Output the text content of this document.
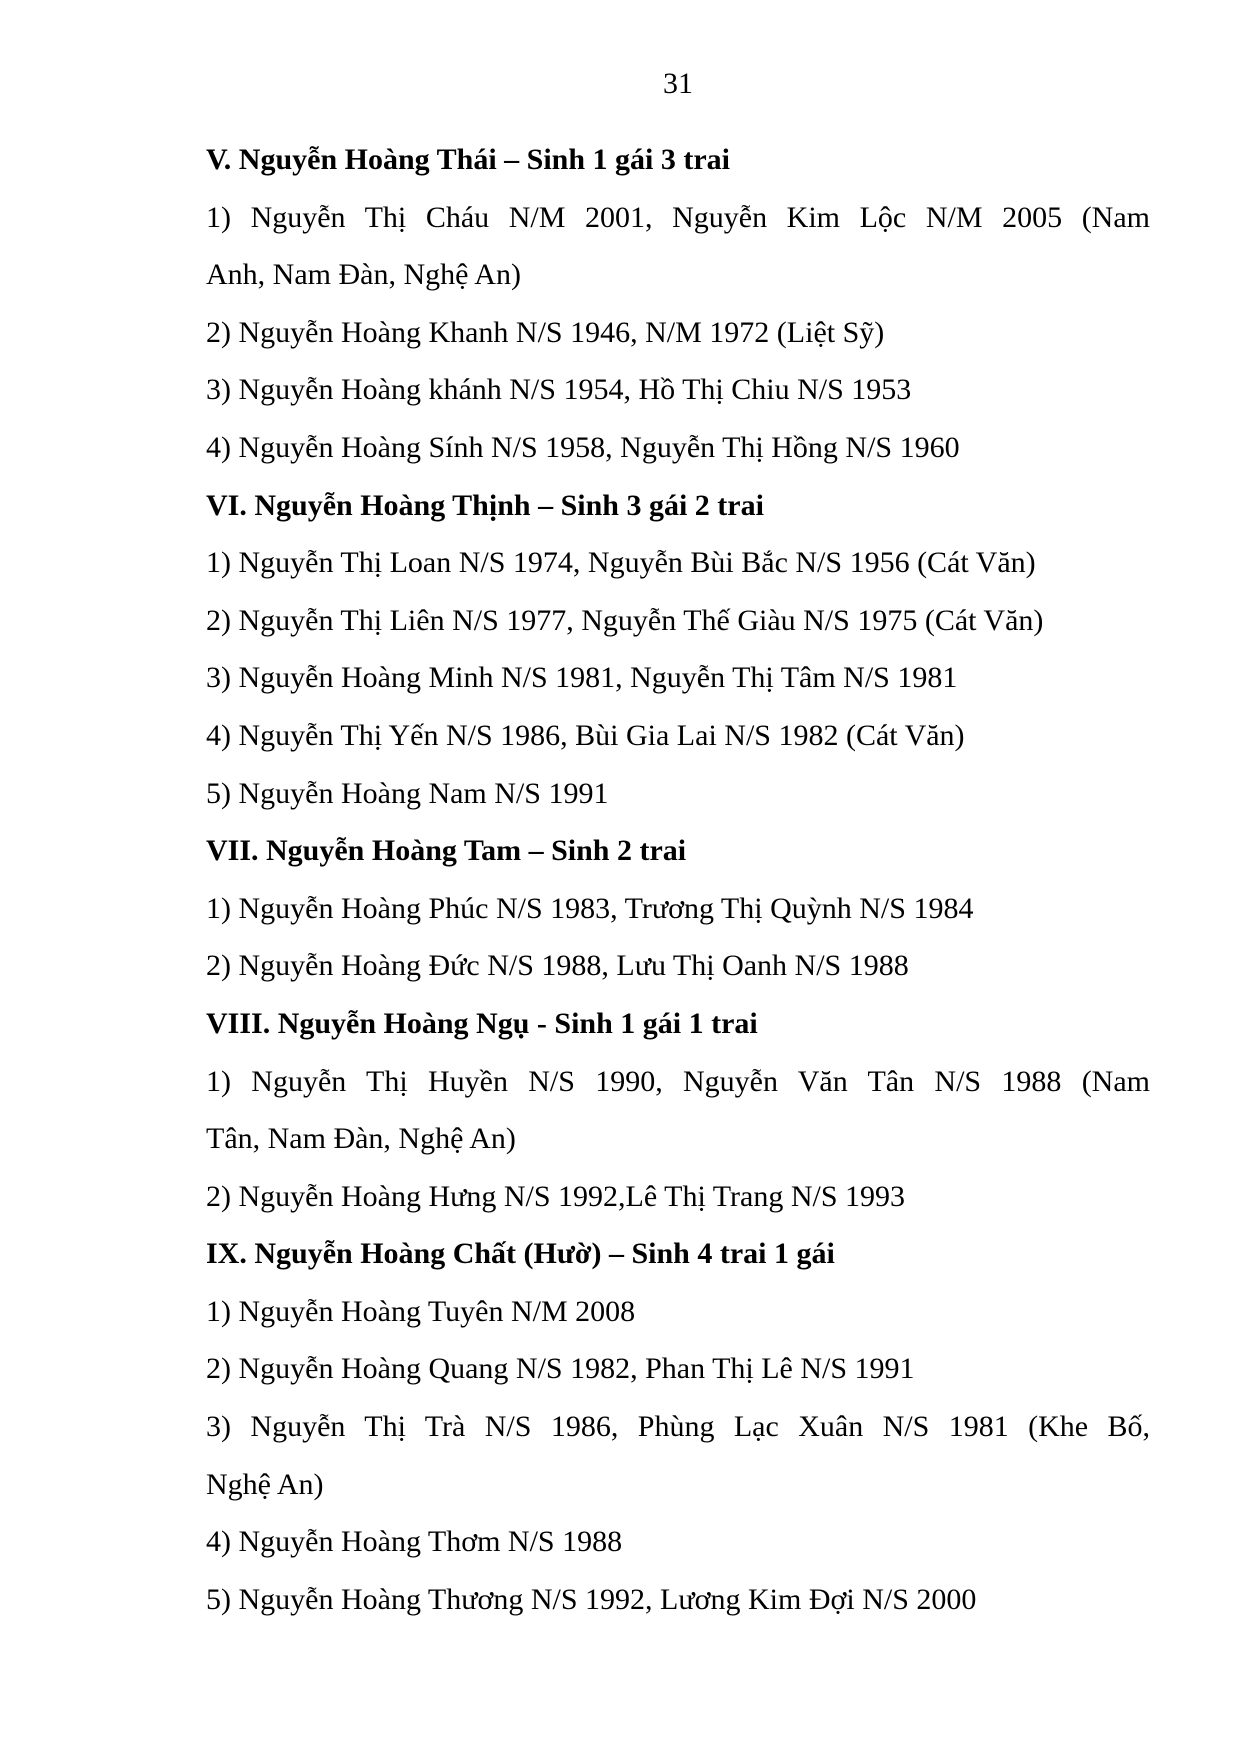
31
V. Nguyễn Hoàng Thái – Sinh 1 gái 3 trai
1) Nguyễn Thị Cháu N/M 2001, Nguyễn Kim Lộc N/M 2005 (Nam
Anh, Nam Đàn, Nghệ An)
2) Nguyễn Hoàng Khanh N/S 1946, N/M 1972 (Liệt Sỹ)
3) Nguyễn Hoàng khánh N/S 1954, Hồ Thị Chiu N/S 1953
4) Nguyễn Hoàng Sính N/S 1958, Nguyễn Thị Hồng N/S 1960
VI. Nguyễn Hoàng Thịnh – Sinh 3 gái 2 trai
1) Nguyễn Thị Loan N/S 1974, Nguyễn Bùi Bắc N/S 1956 (Cát Văn)
2) Nguyễn Thị Liên N/S 1977, Nguyễn Thế Giàu N/S 1975 (Cát Văn)
3) Nguyễn Hoàng Minh N/S 1981, Nguyễn Thị Tâm N/S 1981
4) Nguyễn Thị Yến N/S 1986, Bùi Gia Lai N/S 1982 (Cát Văn)
5) Nguyễn Hoàng Nam N/S 1991
VII. Nguyễn Hoàng Tam – Sinh 2 trai
1) Nguyễn Hoàng Phúc N/S 1983, Trương Thị Quỳnh N/S 1984
2) Nguyễn Hoàng Đức N/S 1988, Lưu Thị Oanh N/S 1988
VIII. Nguyễn Hoàng Ngụ - Sinh 1 gái 1 trai
1) Nguyễn Thị Huyền N/S 1990, Nguyễn Văn Tân N/S 1988 (Nam
Tân, Nam Đàn, Nghệ An)
2) Nguyễn Hoàng Hưng N/S 1992,Lê Thị Trang N/S 1993
IX. Nguyễn Hoàng Chất (Hườ) – Sinh 4 trai 1 gái
1) Nguyễn Hoàng Tuyên N/M 2008
2) Nguyễn Hoàng Quang N/S 1982, Phan Thị Lê N/S 1991
3) Nguyễn Thị Trà N/S 1986, Phùng Lạc Xuân N/S 1981 (Khe Bố,
Nghệ An)
4) Nguyễn Hoàng Thơm N/S 1988
5) Nguyễn Hoàng Thương N/S 1992, Lương Kim Đợi N/S 2000
